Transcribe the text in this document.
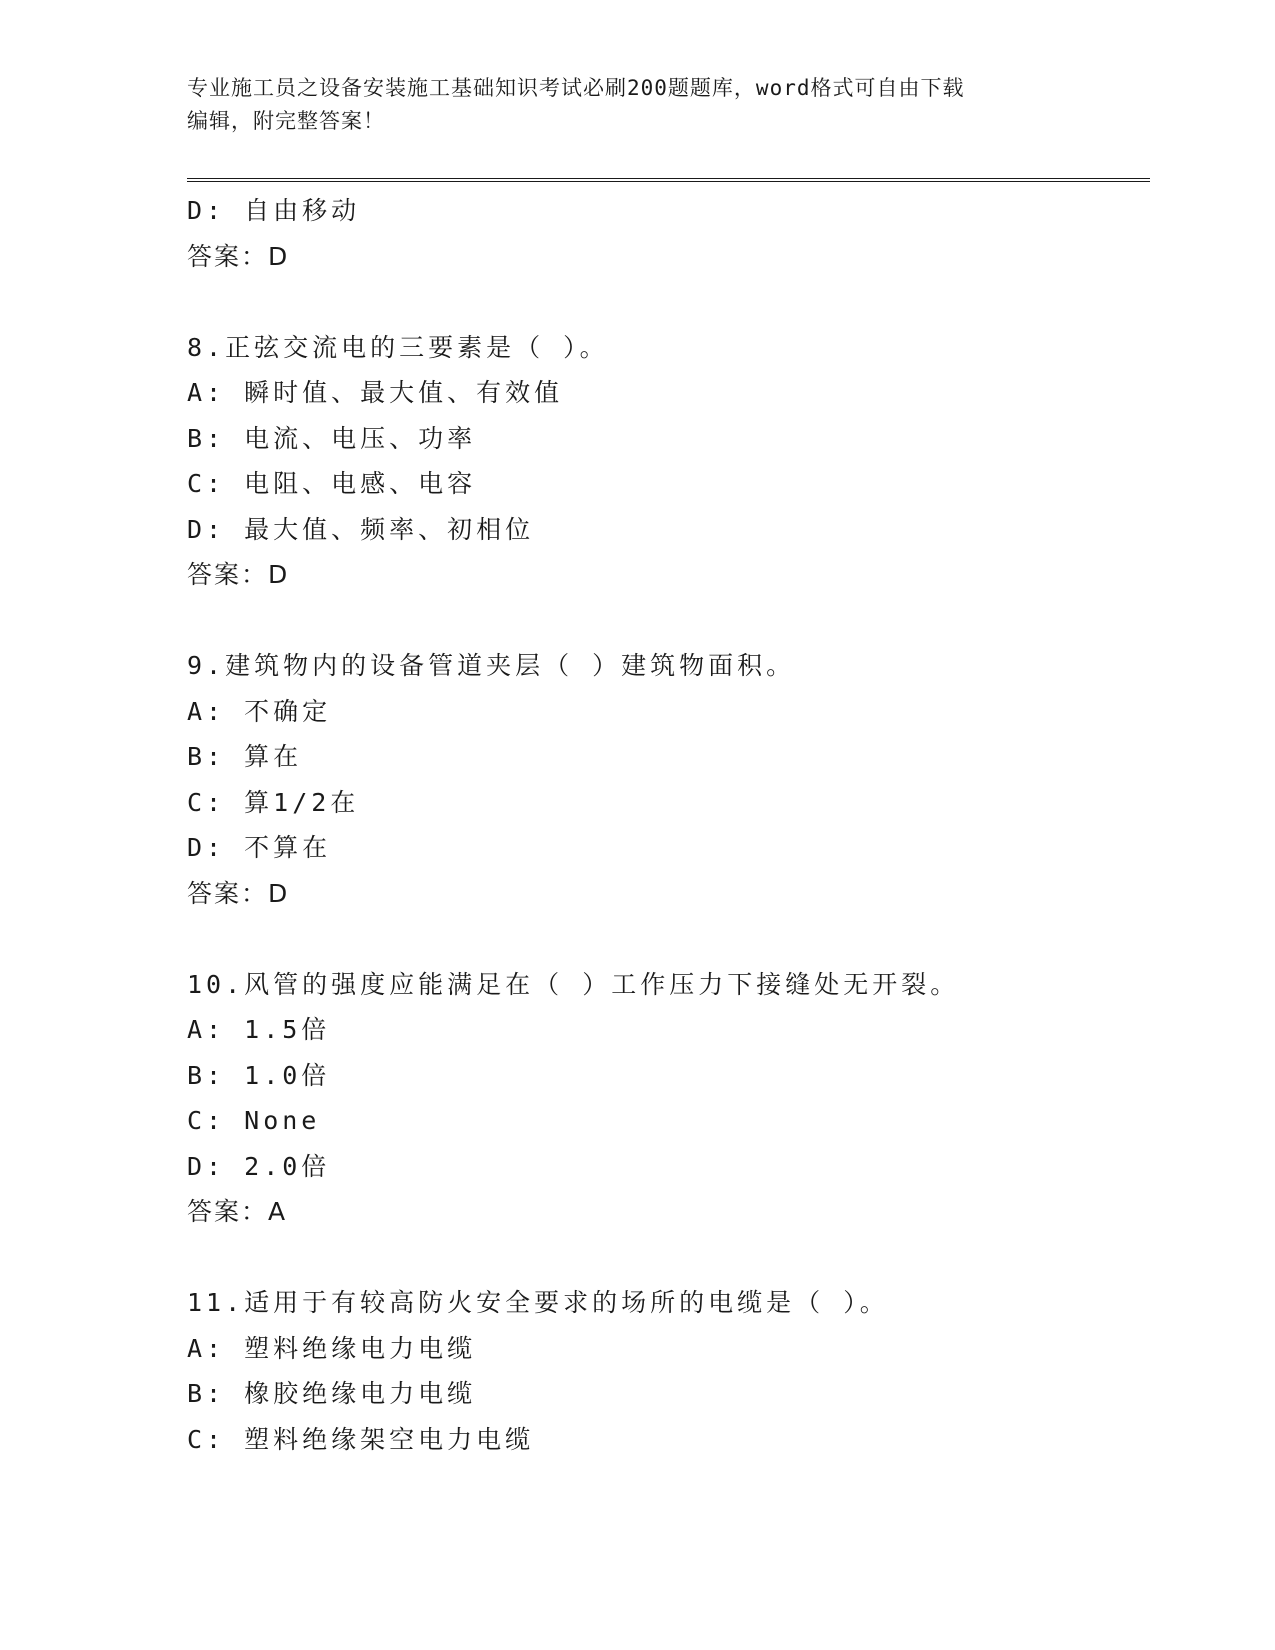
专业施工员之设备安装施工基础知识考试必刷200题题库，word格式可自由下载
编辑，附完整答案！
D: 自由移动
答案：D
8.正弦交流电的三要素是（ ）。
A: 瞬时值、最大值、有效值
B: 电流、电压、功率
C: 电阻、电感、电容
D: 最大值、频率、初相位
答案：D
9.建筑物内的设备管道夹层（ ）建筑物面积。
A: 不确定
B: 算在
C: 算1/2在
D: 不算在
答案：D
10.风管的强度应能满足在（ ）工作压力下接缝处无开裂。
A: 1.5倍
B: 1.0倍
C: None
D: 2.0倍
答案：A
11.适用于有较高防火安全要求的场所的电缆是（ ）。
A: 塑料绝缘电力电缆
B: 橡胶绝缘电力电缆
C: 塑料绝缘架空电力电缆
